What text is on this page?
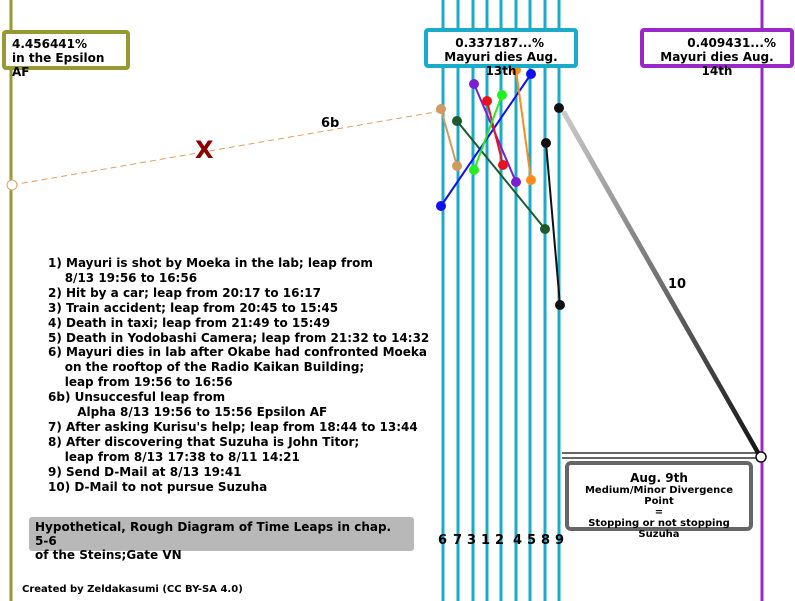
4.456441%
in the Epsilon AF
0.337187...%
Mayuri dies Aug. 13th
0.409431...%
Mayuri dies Aug. 14th
6b
10
X
1) Mayuri is shot by Moeka in the lab; leap from
8/13 19:56 to 16:56
2) Hit by a car; leap from 20:17 to 16:17
3) Train accident; leap from 20:45 to 15:45
4) Death in taxi; leap from 21:49 to 15:49
5) Death in Yodobashi Camera; leap from 21:32 to 14:32
6) Mayuri dies in lab after Okabe had confronted Moeka
on the rooftop of the Radio Kaikan Building;
leap from 19:56 to 16:56
6b) Unsuccesful leap from
Alpha 8/13 19:56 to 15:56 Epsilon AF
7) After asking Kurisu's help; leap from 18:44 to 13:44
8) After discovering that Suzuha is John Titor;
leap from 8/13 17:38 to 8/11 14:21
9) Send D-Mail at 8/13 19:41
10) D-Mail to not pursue Suzuha
Aug. 9th
Medium/Minor Divergence Point
=
Stopping or not stopping Suzuha
Hypothetical, Rough Diagram of Time Leaps in chap. 5-6
of the Steins;Gate VN
6 7 3 1 2 4 5 8 9
Created by Zeldakasumi (CC BY-SA 4.0)
